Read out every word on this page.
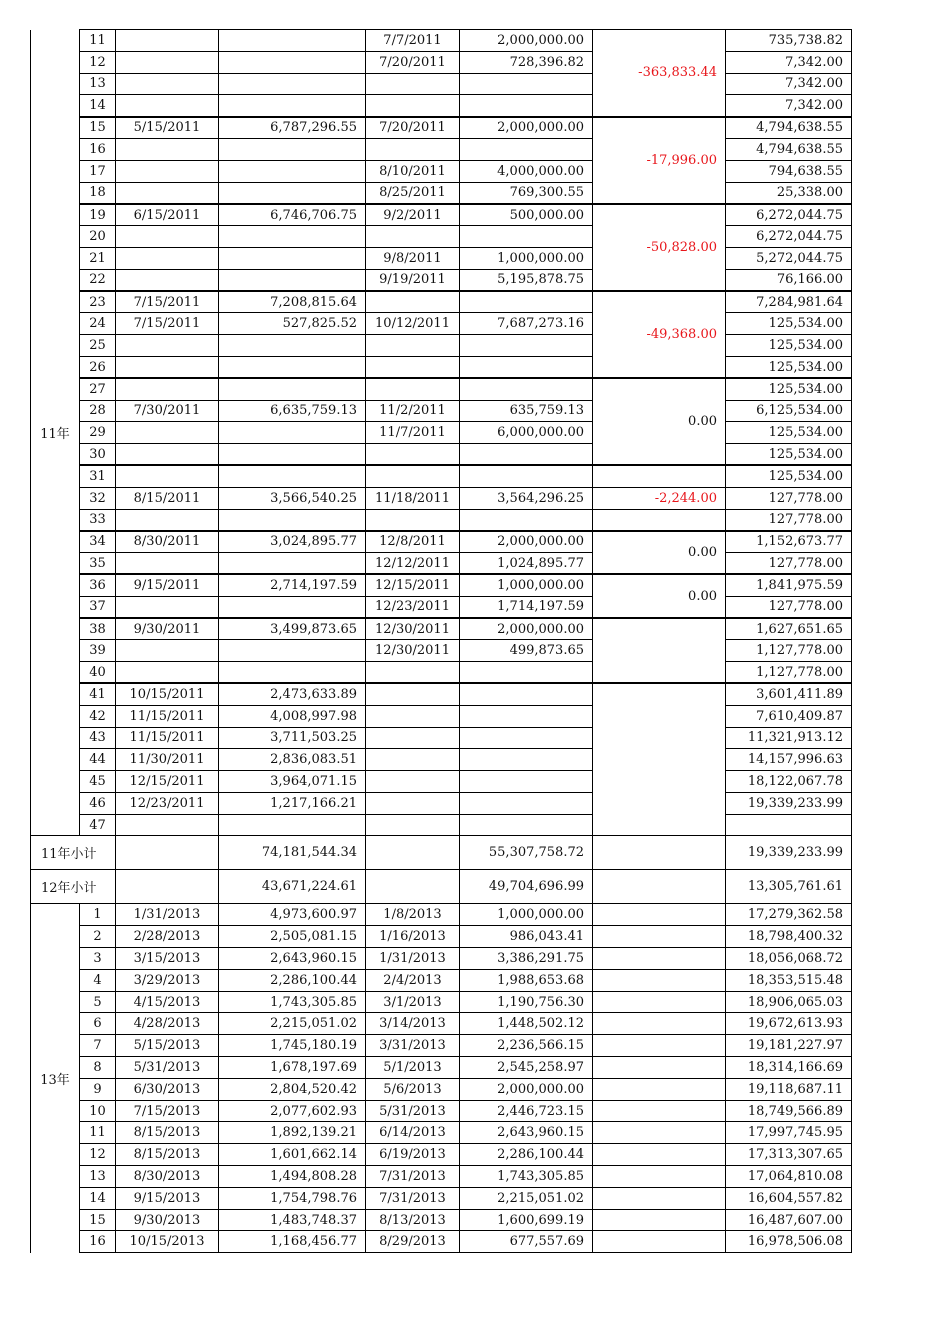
11年	11			7/7/2011	2,000,000.00	-363,833.44	735,738.82
	12			7/20/2011	728,396.82		7,342.00
	13						7,342.00
	14						7,342.00
	15	5/15/2011	6,787,296.55	7/20/2011	2,000,000.00	-17,996.00	4,794,638.55
	16						4,794,638.55
	17			8/10/2011	4,000,000.00		794,638.55
	18			8/25/2011	769,300.55		25,338.00
	19	6/15/2011	6,746,706.75	9/2/2011	500,000.00	-50,828.00	6,272,044.75
	20						6,272,044.75
	21			9/8/2011	1,000,000.00		5,272,044.75
	22			9/19/2011	5,195,878.75		76,166.00
	23	7/15/2011	7,208,815.64			-49,368.00	7,284,981.64
	24	7/15/2011	527,825.52	10/12/2011	7,687,273.16		125,534.00
	25						125,534.00
	26						125,534.00
	27					0.00	125,534.00
	28	7/30/2011	6,635,759.13	11/2/2011	635,759.13		6,125,534.00
	29			11/7/2011	6,000,000.00		125,534.00
	30						125,534.00
	31						125,534.00
	32	8/15/2011	3,566,540.25	11/18/2011	3,564,296.25	-2,244.00	127,778.00
	33						127,778.00
	34	8/30/2011	3,024,895.77	12/8/2011	2,000,000.00	0.00	1,152,673.77
	35			12/12/2011	1,024,895.77		127,778.00
	36	9/15/2011	2,714,197.59	12/15/2011	1,000,000.00	0.00	1,841,975.59
	37			12/23/2011	1,714,197.59		127,778.00
	38	9/30/2011	3,499,873.65	12/30/2011	2,000,000.00		1,627,651.65
	39			12/30/2011	499,873.65		1,127,778.00
	40						1,127,778.00
	41	10/15/2011	2,473,633.89				3,601,411.89
	42	11/15/2011	4,008,997.98				7,610,409.87
	43	11/15/2011	3,711,503.25				11,321,913.12
	44	11/30/2011	2,836,083.51				14,157,996.63
	45	12/15/2011	3,964,071.15				18,122,067.78
	46	12/23/2011	1,217,166.21				19,339,233.99
	47						
11年小计			74,181,544.34		55,307,758.72		19,339,233.99
12年小计			43,671,224.61		49,704,696.99		13,305,761.61
13年	1	1/31/2013	4,973,600.97	1/8/2013	1,000,000.00		17,279,362.58
	2	2/28/2013	2,505,081.15	1/16/2013	986,043.41		18,798,400.32
	3	3/15/2013	2,643,960.15	1/31/2013	3,386,291.75		18,056,068.72
	4	3/29/2013	2,286,100.44	2/4/2013	1,988,653.68		18,353,515.48
	5	4/15/2013	1,743,305.85	3/1/2013	1,190,756.30		18,906,065.03
	6	4/28/2013	2,215,051.02	3/14/2013	1,448,502.12		19,672,613.93
	7	5/15/2013	1,745,180.19	3/31/2013	2,236,566.15		19,181,227.97
	8	5/31/2013	1,678,197.69	5/1/2013	2,545,258.97		18,314,166.69
	9	6/30/2013	2,804,520.42	5/6/2013	2,000,000.00		19,118,687.11
	10	7/15/2013	2,077,602.93	5/31/2013	2,446,723.15		18,749,566.89
	11	8/15/2013	1,892,139.21	6/14/2013	2,643,960.15		17,997,745.95
	12	8/15/2013	1,601,662.14	6/19/2013	2,286,100.44		17,313,307.65
	13	8/30/2013	1,494,808.28	7/31/2013	1,743,305.85		17,064,810.08
	14	9/15/2013	1,754,798.76	7/31/2013	2,215,051.02		16,604,557.82
	15	9/30/2013	1,483,748.37	8/13/2013	1,600,699.19		16,487,607.00
	16	10/15/2013	1,168,456.77	8/29/2013	677,557.69		16,978,506.08
